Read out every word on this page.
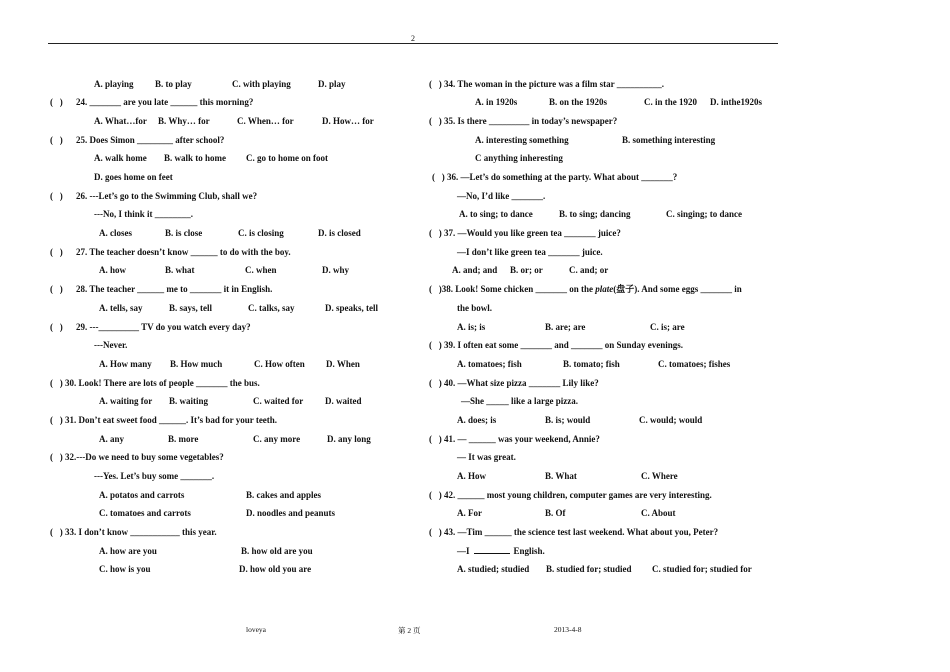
2
A. playing B. to play	C. with playing	D. play
(   ) 24. _______ are you late ______ this morning?
A. What…for B. Why… for	C. When… for	D. How… for
(   ) 25. Does Simon ________ after school?
A. walk home B. walk to home C. go to home on foot
D. goes home on feet
(   ) 26. ---Let’s go to the Swimming Club, shall we?
---No, I think it ________.
A. closes	B. is close	C. is closing	D. is closed
(   ) 27. The teacher doesn’t know ______ to do with the boy.
A. how	B. what	C. when	D. why
(   ) 28. The teacher ______ me to _______ it in English.
A. tells, say	B. says, tell	C. talks, say	D. speaks, tell
(   ) 29. ---_________ TV do you watch every day?
---Never.
A. How many B. How much	C. How often D. When
(   ) 30. Look! There are lots of people _______ the bus.
A. waiting for B. waiting	C. waited for D. waited
(   ) 31. Don’t eat sweet food ______. It’s bad for your teeth.
A. any	B. more	C. any more	D. any long
(   ) 32.---Do we need to buy some vegetables?
---Yes. Let’s buy some _______.
A. potatos and carrots	B. cakes and apples
C. tomatoes and carrots	D. noodles and peanuts
(   ) 33. I don’t know ___________ this year.
A. how are you	B. how old are you
C. how is you	D. how old you are
(   ) 34. The woman in the picture was a film star __________.
A. in 1920s	B. on the 1920s	C. in the 1920 D. inthe1920s
(   ) 35. Is there _________ in today’s newspaper?
A. interesting something	B. something interesting
C anything inheresting
(   ) 36. —Let’s do something at the party. What about _______?
—No, I’d like _______.
A. to sing; to dance	B. to sing; dancing	C. singing; to dance
(   ) 37. —Would you like green tea _______ juice?
—I don’t like green tea _______ juice.
A. and; and B. or; or	C. and; or
(   )38. Look! Some chicken _______ on the plate(盘子). And some eggs _______ in
the bowl.
A. is; is	B. are; are	C. is; are
(   ) 39. I often eat some _______ and _______ on Sunday evenings.
A. tomatoes; fish	B. tomato; fish	C. tomatoes; fishes
(   ) 40. —What size pizza _______ Lily like?
—She _____ like a large pizza.
A. does; is	B. is; would	C. would; would
(   ) 41. — ______ was your weekend, Annie?
— It was great.
A. How	B. What	C. Where
(   ) 42. ______ most young children, computer games are very interesting.
A. For	B. Of	C. About
(   ) 43. —Tim ______ the science test last weekend. What about you, Peter?
—I	English.
A. studied; studied B. studied for; studied C. studied for; studied for
loveya	第 2 页	2013-4-8
